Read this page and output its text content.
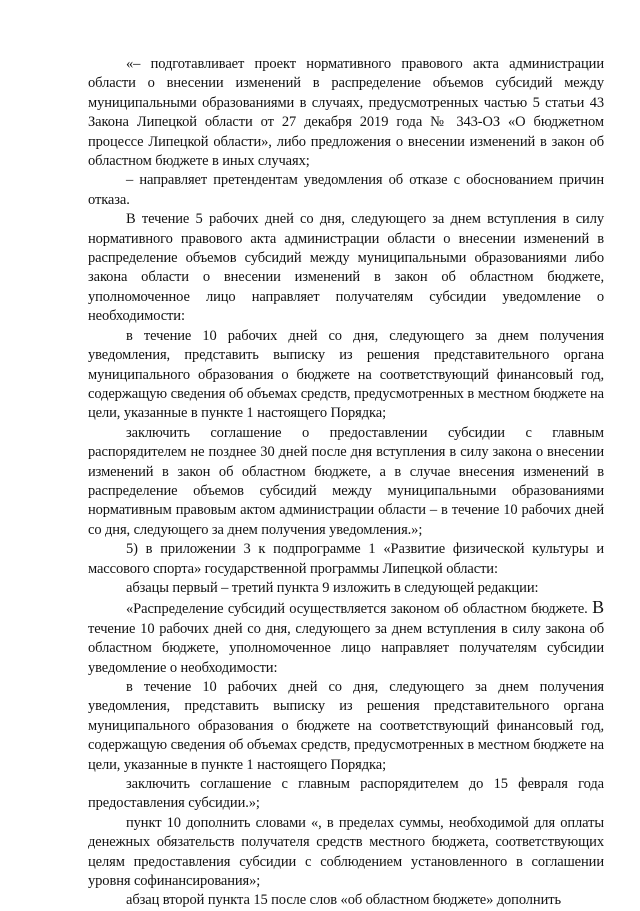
«– подготавливает проект нормативного правового акта администрации области о внесении изменений в распределение объемов субсидий между муниципальными образованиями в случаях, предусмотренных частью 5 статьи 43 Закона Липецкой области от 27 декабря 2019 года № 343-ОЗ «О бюджетном процессе Липецкой области», либо предложения о внесении изменений в закон об областном бюджете в иных случаях;

– направляет претендентам уведомления об отказе с обоснованием причин отказа.

В течение 5 рабочих дней со дня, следующего за днем вступления в силу нормативного правового акта администрации области о внесении изменений в распределение объемов субсидий между муниципальными образованиями либо закона области о внесении изменений в закон об областном бюджете, уполномоченное лицо направляет получателям субсидии уведомление о необходимости:

в течение 10 рабочих дней со дня, следующего за днем получения уведомления, представить выписку из решения представительного органа муниципального образования о бюджете на соответствующий финансовый год, содержащую сведения об объемах средств, предусмотренных в местном бюджете на цели, указанные в пункте 1 настоящего Порядка;

заключить соглашение о предоставлении субсидии с главным распорядителем не позднее 30 дней после дня вступления в силу закона о внесении изменений в закон об областном бюджете, а в случае внесения изменений в распределение объемов субсидий между муниципальными образованиями нормативным правовым актом администрации области – в течение 10 рабочих дней со дня, следующего за днем получения уведомления.»;

5) в приложении 3 к подпрограмме 1 «Развитие физической культуры и массового спорта» государственной программы Липецкой области:

абзацы первый – третий пункта 9 изложить в следующей редакции:

«Распределение субсидий осуществляется законом об областном бюджете. В течение 10 рабочих дней со дня, следующего за днем вступления в силу закона об областном бюджете, уполномоченное лицо направляет получателям субсидии уведомление о необходимости:

в течение 10 рабочих дней со дня, следующего за днем получения уведомления, представить выписку из решения представительного органа муниципального образования о бюджете на соответствующий финансовый год, содержащую сведения об объемах средств, предусмотренных в местном бюджете на цели, указанные в пункте 1 настоящего Порядка;

заключить соглашение с главным распорядителем до 15 февраля года предоставления субсидии.»;

пункт 10 дополнить словами «, в пределах суммы, необходимой для оплаты денежных обязательств получателя средств местного бюджета, соответствующих целям предоставления субсидии с соблюдением установленного в соглашении уровня софинансирования»;

абзац второй пункта 15 после слов «об областном бюджете» дополнить
